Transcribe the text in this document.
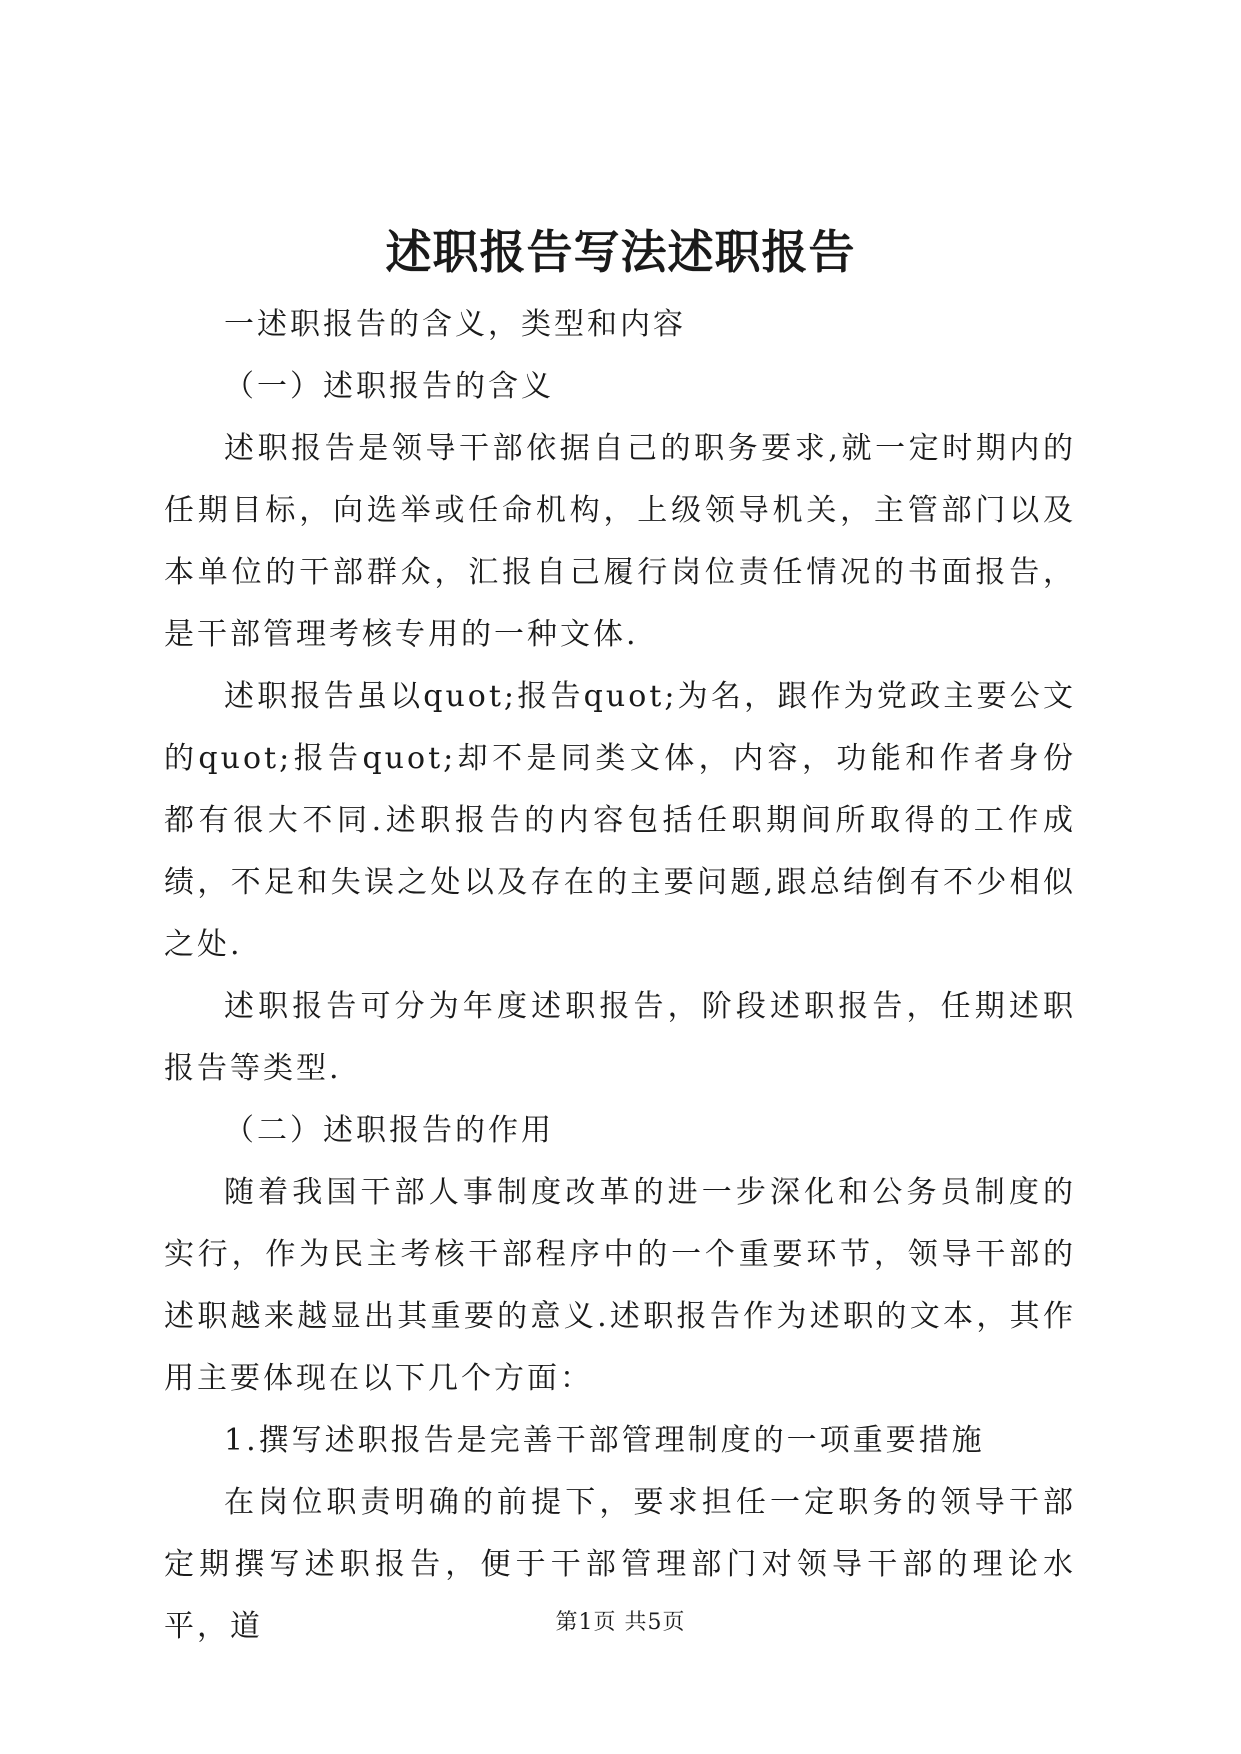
述职报告写法述职报告

一述职报告的含义，类型和内容

（一）述职报告的含义

述职报告是领导干部依据自己的职务要求,就一定时期内的任期目标，向选举或任命机构，上级领导机关，主管部门以及本单位的干部群众，汇报自己履行岗位责任情况的书面报告，是干部管理考核专用的一种文体.

述职报告虽以quot;报告quot;为名，跟作为党政主要公文的quot;报告quot;却不是同类文体，内容，功能和作者身份都有很大不同.述职报告的内容包括任职期间所取得的工作成绩，不足和失误之处以及存在的主要问题,跟总结倒有不少相似之处.

述职报告可分为年度述职报告，阶段述职报告，任期述职报告等类型.

（二）述职报告的作用

随着我国干部人事制度改革的进一步深化和公务员制度的实行，作为民主考核干部程序中的一个重要环节，领导干部的述职越来越显出其重要的意义.述职报告作为述职的文本，其作用主要体现在以下几个方面：

1.撰写述职报告是完善干部管理制度的一项重要措施

在岗位职责明确的前提下，要求担任一定职务的领导干部定期撰写述职报告，便于干部管理部门对领导干部的理论水平，道	第1页 共5页
